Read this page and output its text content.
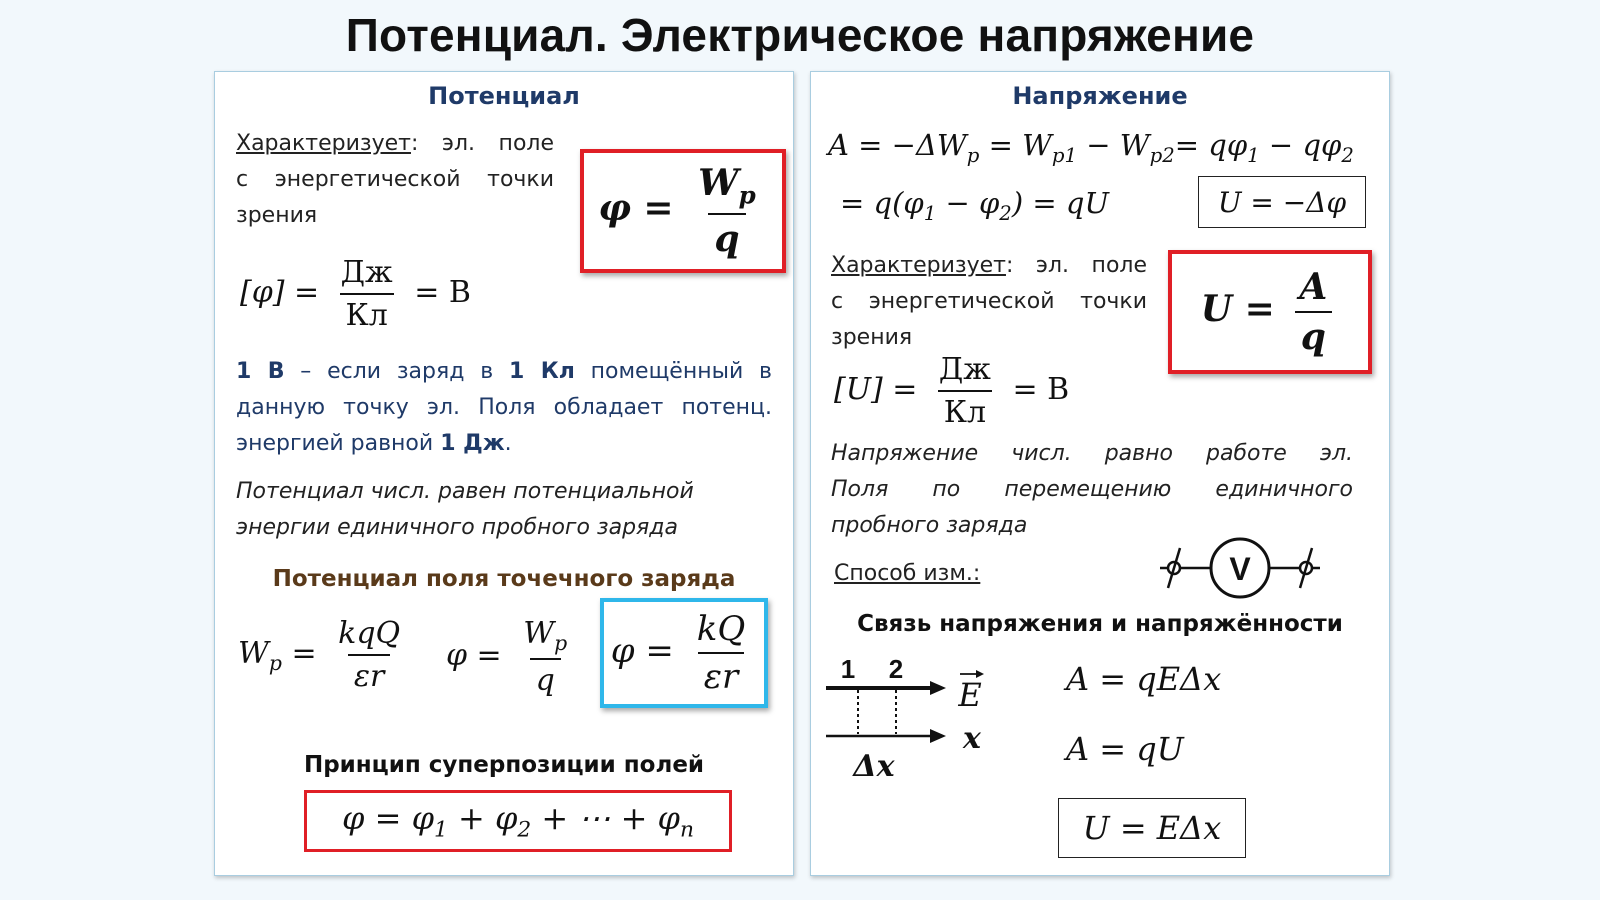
Потенциал. Электрическое напряжение
Потенциал
Характеризует: эл. поле
с энергетической точки
зрения	$\varphi = \frac{W_p}{q}$
$[\varphi] = \frac{Дж}{Кл} = В$
1 В – если заряд в 1 Кл помещённый в
данную точку эл. Поля обладает потенц.
энергией равной 1 Дж.
Потенциал числ. равен потенциальной
энергии единичного пробного заряда
Потенциал поля точечного заряда
$W_p = \frac{\text{kqQ}}{\varepsilon r}$ $\varphi = \frac{W_p}{q}$ $\varphi = \frac{kQ}{\varepsilon r}$
Принцип суперпозиции полей
$\varphi = \varphi_1 + \varphi_2$ + ⋯ + $\varphi_n$
Напряжение
$A = -\Delta W_p = W_{p1} - W_{p2}= q\varphi_1 - q\varphi_2$
= $q(\varphi_1 - \varphi_2)$ = qU	U = −Δφ
Характеризует: эл. поле
с энергетической точки
зрения
$U = \frac{A}{q}$
$[U] = \frac{Дж}{Кл} = В$
Напряжение числ. равно работе эл.
Поля по перемещению единичного
пробного заряда
Способ изм.:	V
Связь напряжения и напряжённости
1 2
E
x
Δx
A = qEΔx
A = qU
U = EΔx
